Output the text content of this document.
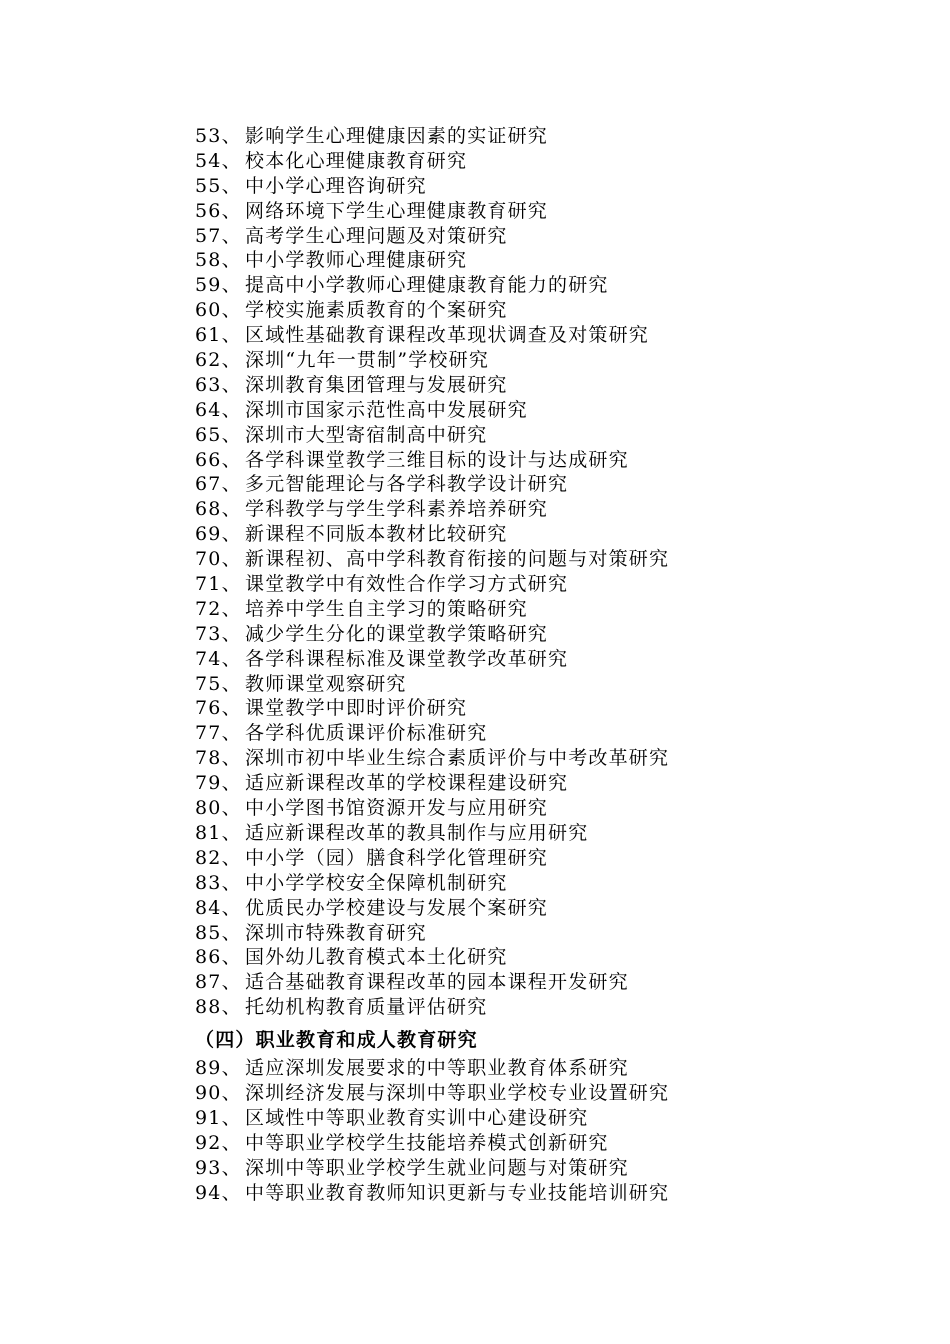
53、 影响学生心理健康因素的实证研究
54、 校本化心理健康教育研究
55、 中小学心理咨询研究
56、 网络环境下学生心理健康教育研究
57、 高考学生心理问题及对策研究
58、 中小学教师心理健康研究
59、 提高中小学教师心理健康教育能力的研究
60、 学校实施素质教育的个案研究
61、 区域性基础教育课程改革现状调查及对策研究
62、 深圳“九年一贯制”学校研究
63、 深圳教育集团管理与发展研究
64、 深圳市国家示范性高中发展研究
65、 深圳市大型寄宿制高中研究
66、 各学科课堂教学三维目标的设计与达成研究
67、 多元智能理论与各学科教学设计研究
68、 学科教学与学生学科素养培养研究
69、 新课程不同版本教材比较研究
70、 新课程初、高中学科教育衔接的问题与对策研究
71、 课堂教学中有效性合作学习方式研究
72、 培养中学生自主学习的策略研究
73、 减少学生分化的课堂教学策略研究
74、 各学科课程标准及课堂教学改革研究
75、 教师课堂观察研究
76、 课堂教学中即时评价研究
77、 各学科优质课评价标准研究
78、 深圳市初中毕业生综合素质评价与中考改革研究
79、 适应新课程改革的学校课程建设研究
80、 中小学图书馆资源开发与应用研究
81、 适应新课程改革的教具制作与应用研究
82、 中小学（园）膳食科学化管理研究
83、 中小学学校安全保障机制研究
84、 优质民办学校建设与发展个案研究
85、 深圳市特殊教育研究
86、 国外幼儿教育模式本土化研究
87、 适合基础教育课程改革的园本课程开发研究
88、 托幼机构教育质量评估研究
（四）职业教育和成人教育研究
89、 适应深圳发展要求的中等职业教育体系研究
90、 深圳经济发展与深圳中等职业学校专业设置研究
91、 区域性中等职业教育实训中心建设研究
92、 中等职业学校学生技能培养模式创新研究
93、 深圳中等职业学校学生就业问题与对策研究
94、 中等职业教育教师知识更新与专业技能培训研究
